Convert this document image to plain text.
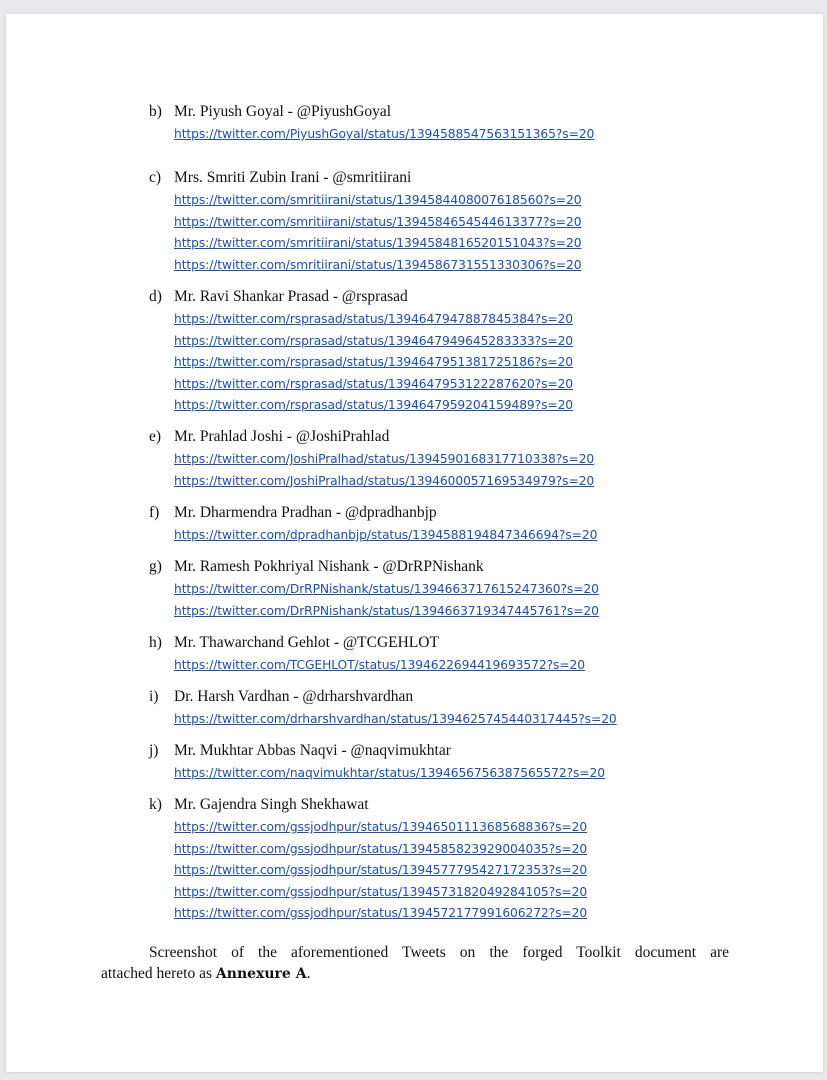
b) Mr. Piyush Goyal - @PiyushGoyal
https://twitter.com/PiyushGoyal/status/1394588547563151365?s=20
c) Mrs. Smriti Zubin Irani - @smritiirani
https://twitter.com/smritiirani/status/1394584408007618560?s=20
https://twitter.com/smritiirani/status/1394584654544613377?s=20
https://twitter.com/smritiirani/status/1394584816520151043?s=20
https://twitter.com/smritiirani/status/1394586731551330306?s=20
d) Mr. Ravi Shankar Prasad - @rsprasad
https://twitter.com/rsprasad/status/1394647947887845384?s=20
https://twitter.com/rsprasad/status/1394647949645283333?s=20
https://twitter.com/rsprasad/status/1394647951381725186?s=20
https://twitter.com/rsprasad/status/1394647953122287620?s=20
https://twitter.com/rsprasad/status/1394647959204159489?s=20
e) Mr. Prahlad Joshi - @JoshiPrahlad
https://twitter.com/JoshiPralhad/status/1394590168317710338?s=20
https://twitter.com/JoshiPralhad/status/1394600057169534979?s=20
f) Mr. Dharmendra Pradhan - @dpradhanbjp
https://twitter.com/dpradhanbjp/status/1394588194847346694?s=20
g) Mr. Ramesh Pokhriyal Nishank - @DrRPNishank
https://twitter.com/DrRPNishank/status/1394663717615247360?s=20
https://twitter.com/DrRPNishank/status/1394663719347445761?s=20
h) Mr. Thawarchand Gehlot - @TCGEHLOT
https://twitter.com/TCGEHLOT/status/1394622694419693572?s=20
i) Dr. Harsh Vardhan - @drharshvardhan
https://twitter.com/drharshvardhan/status/1394625745440317445?s=20
j) Mr. Mukhtar Abbas Naqvi - @naqvimukhtar
https://twitter.com/naqvimukhtar/status/1394656756387565572?s=20
k) Mr. Gajendra Singh Shekhawat
https://twitter.com/gssjodhpur/status/1394650111368568836?s=20
https://twitter.com/gssjodhpur/status/1394585823929004035?s=20
https://twitter.com/gssjodhpur/status/1394577795427172353?s=20
https://twitter.com/gssjodhpur/status/1394573182049284105?s=20
https://twitter.com/gssjodhpur/status/1394572177991606272?s=20
Screenshot of the aforementioned Tweets on the forged Toolkit document are
attached hereto as Annexure A.
